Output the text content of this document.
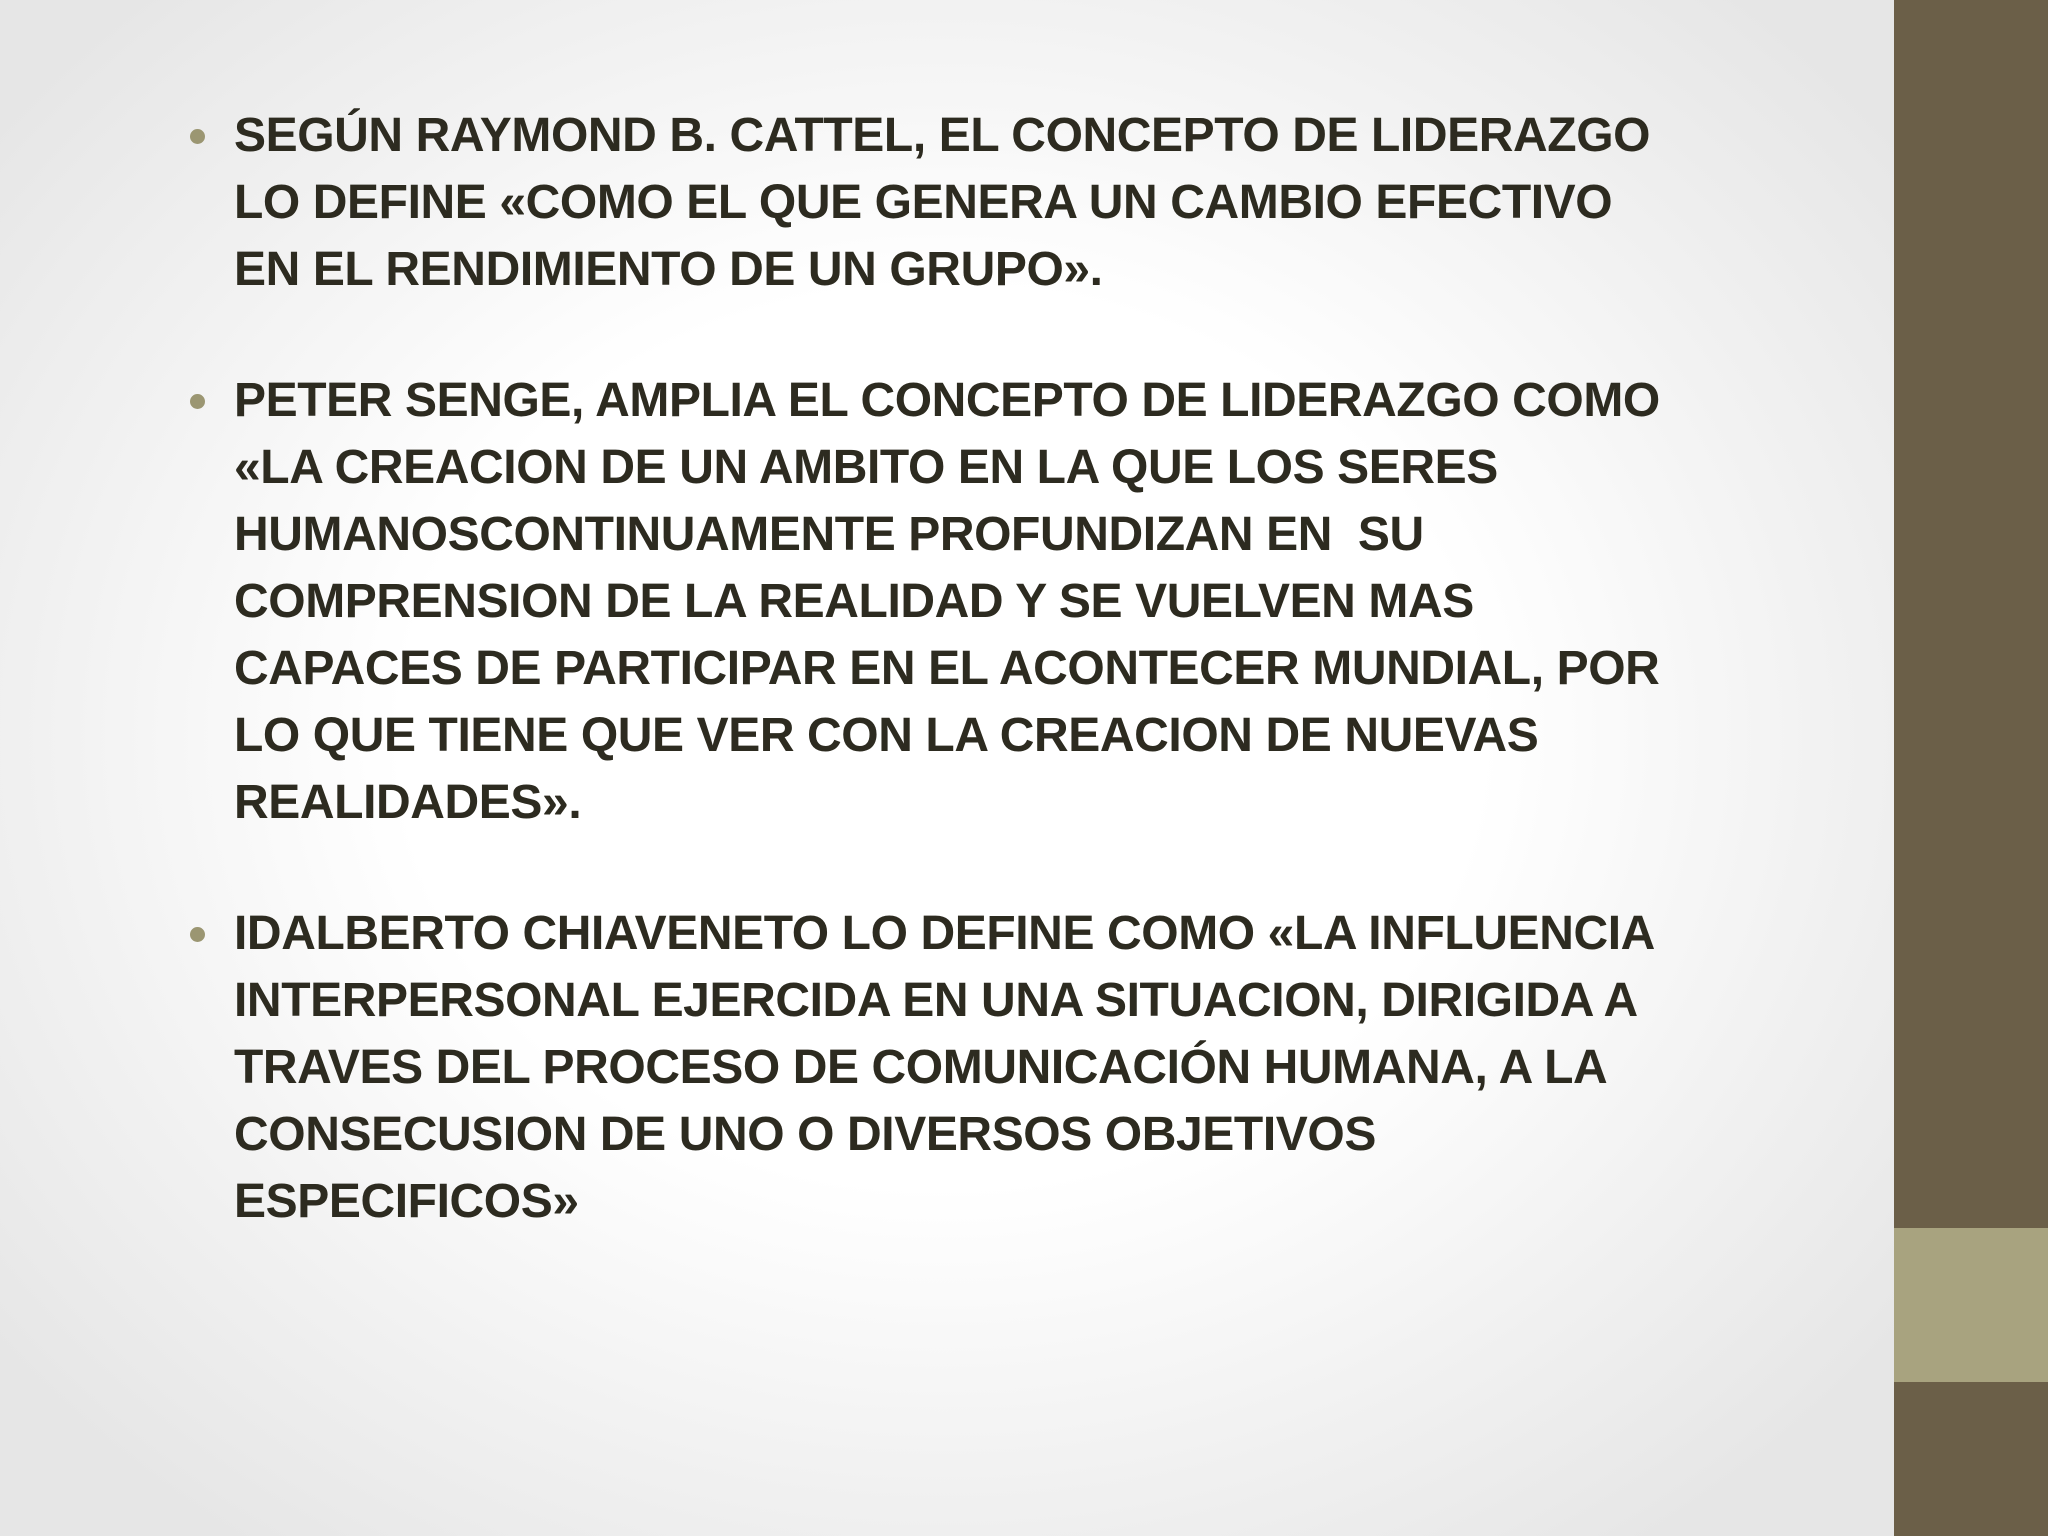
SEGÚN RAYMOND B. CATTEL, EL CONCEPTO DE LIDERAZGO
LO DEFINE «COMO EL QUE GENERA UN CAMBIO EFECTIVO
EN EL RENDIMIENTO DE UN GRUPO».
PETER SENGE, AMPLIA EL CONCEPTO DE LIDERAZGO COMO
«LA CREACION DE UN AMBITO EN LA QUE LOS SERES
HUMANOSCONTINUAMENTE PROFUNDIZAN EN  SU
COMPRENSION DE LA REALIDAD Y SE VUELVEN MAS
CAPACES DE PARTICIPAR EN EL ACONTECER MUNDIAL, POR
LO QUE TIENE QUE VER CON LA CREACION DE NUEVAS
REALIDADES».
IDALBERTO CHIAVENETO LO DEFINE COMO «LA INFLUENCIA
INTERPERSONAL EJERCIDA EN UNA SITUACION, DIRIGIDA A
TRAVES DEL PROCESO DE COMUNICACIÓN HUMANA, A LA
CONSECUSION DE UNO O DIVERSOS OBJETIVOS
ESPECIFICOS»
